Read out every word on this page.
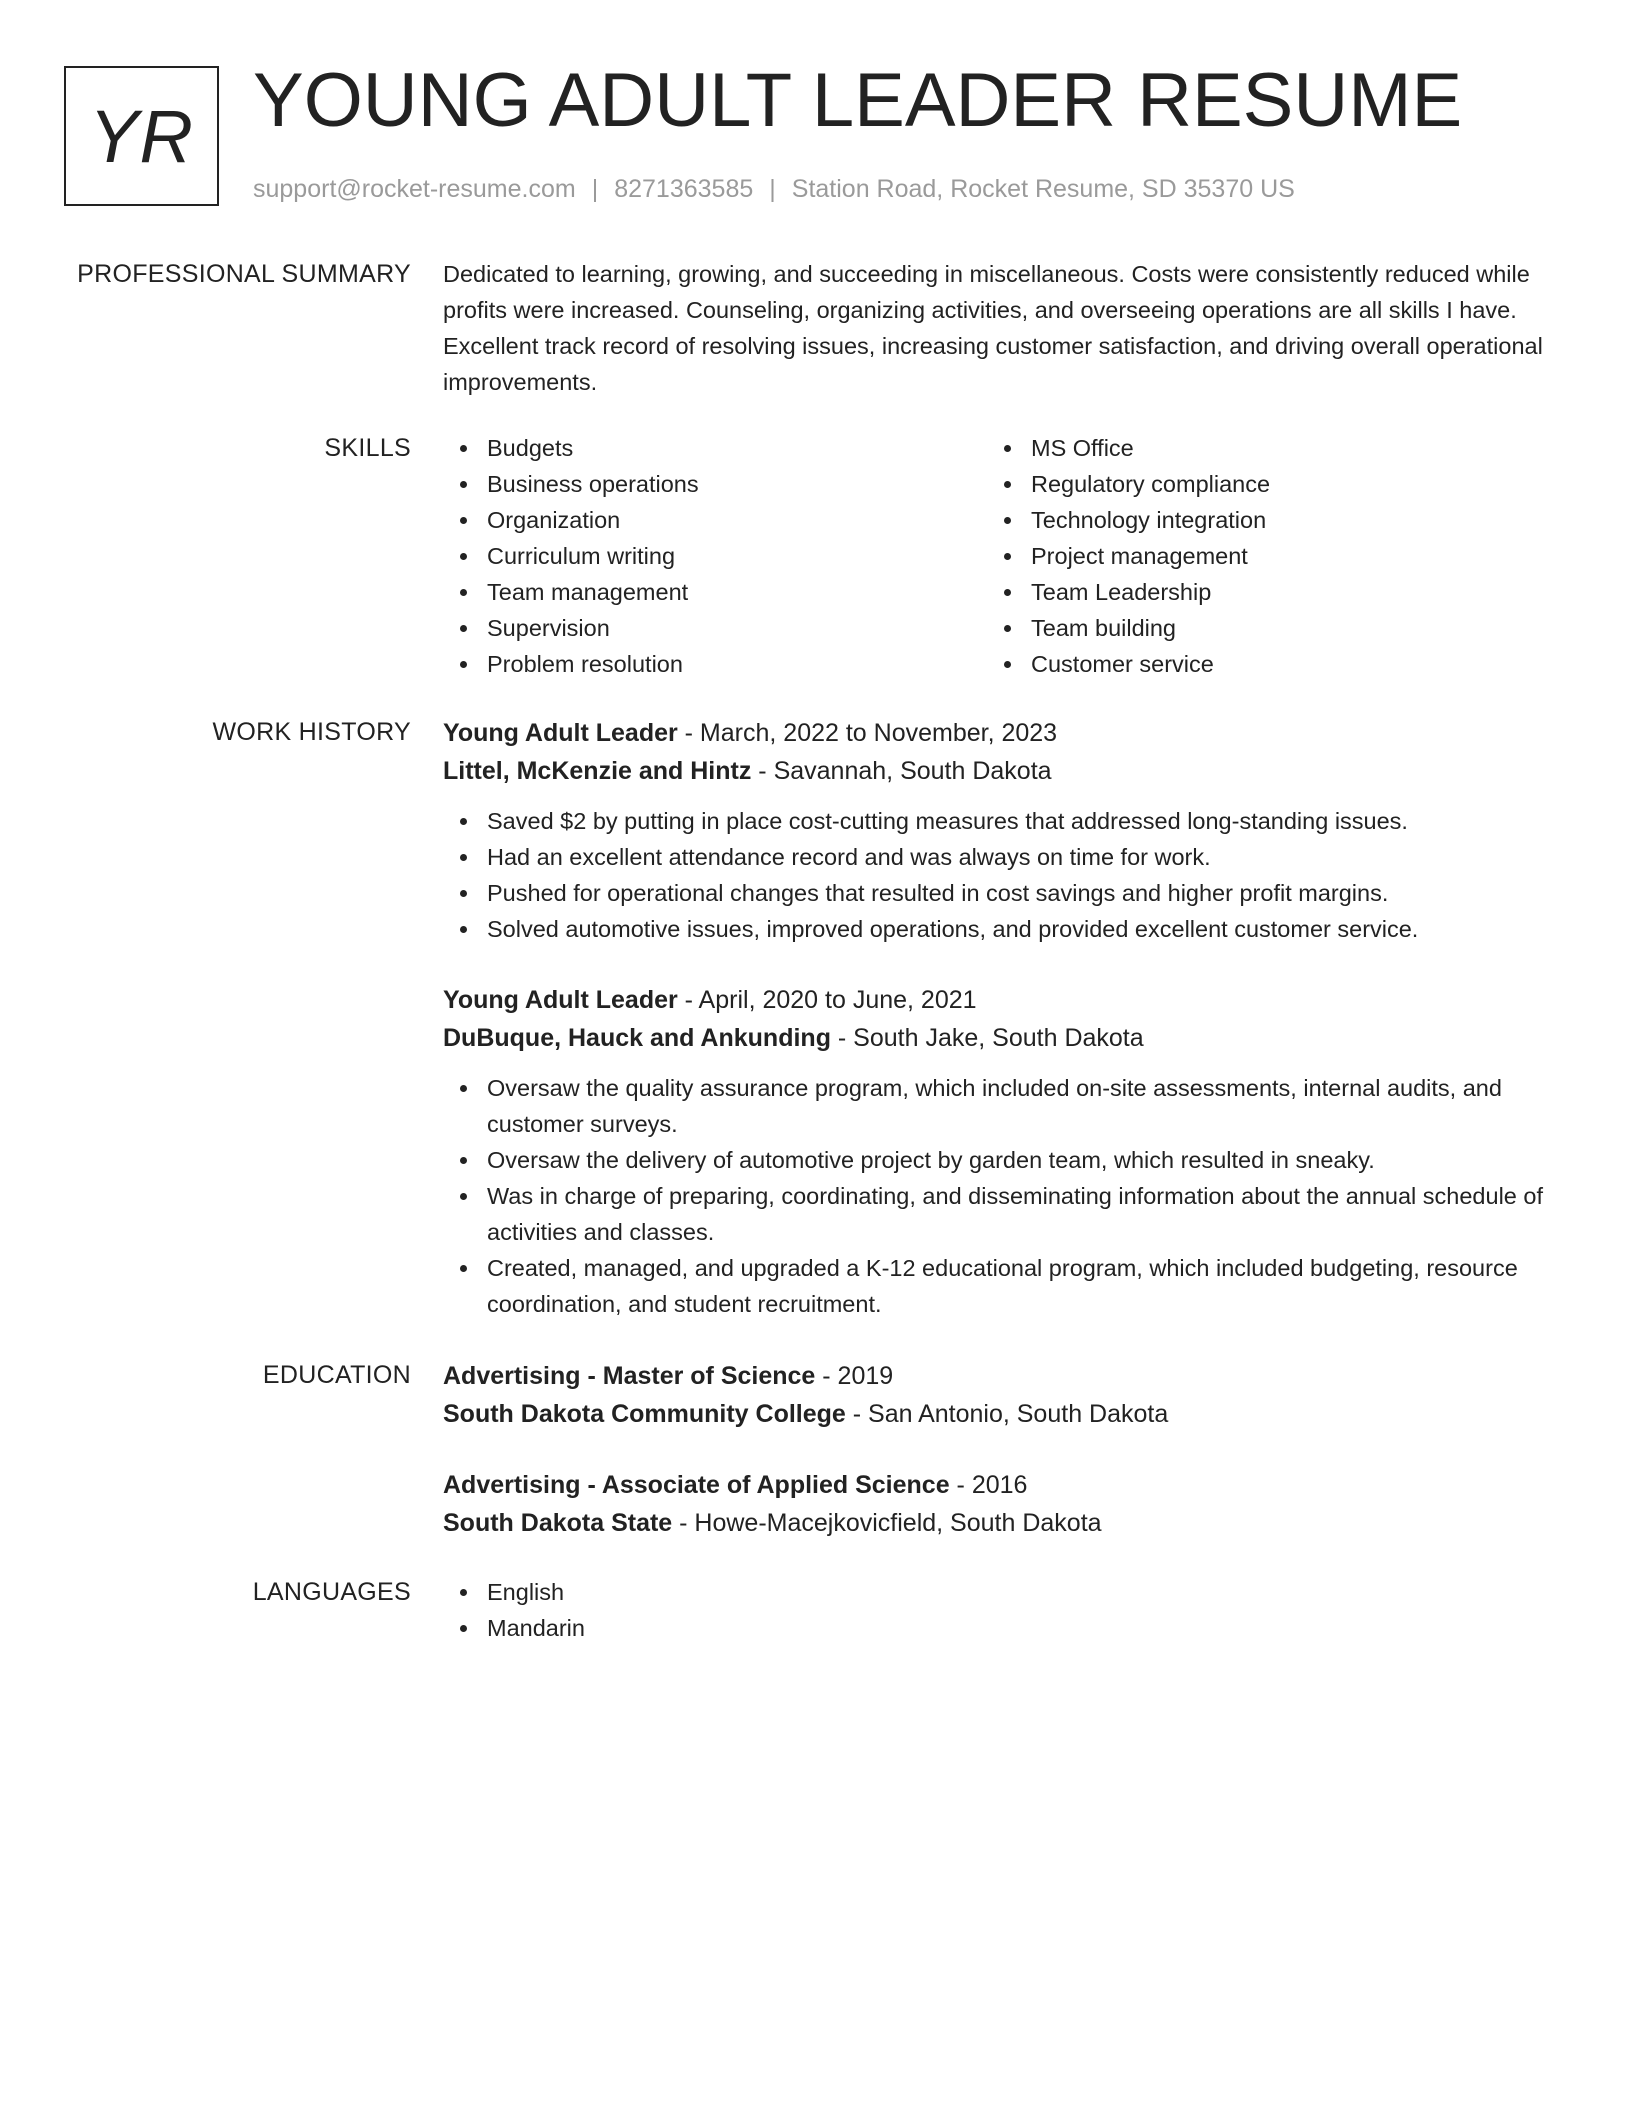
YR YOUNG ADULT LEADER RESUME
support@rocket-resume.com | 8271363585 | Station Road, Rocket Resume, SD 35370 US
PROFESSIONAL SUMMARY Dedicated to learning, growing, and succeeding in miscellaneous. Costs were consistently reduced while profits were increased. Counseling, organizing activities, and overseeing operations are all skills I have. Excellent track record of resolving issues, increasing customer satisfaction, and driving overall operational improvements.

SKILLS	Budgets
Business operations
Organization
Curriculum writing
Team management
Supervision
Problem resolution
MS Office
Regulatory compliance
Technology integration
Project management
Team Leadership
Team building
Customer service
WORK HISTORY Young Adult Leader - March, 2022 to November, 2023
Littel, McKenzie and Hintz - Savannah, South Dakota
Saved $2 by putting in place cost-cutting measures that addressed long-standing issues.
Had an excellent attendance record and was always on time for work.
Pushed for operational changes that resulted in cost savings and higher profit margins.
Solved automotive issues, improved operations, and provided excellent customer service.
Young Adult Leader - April, 2020 to June, 2021
DuBuque, Hauck and Ankunding - South Jake, South Dakota
Oversaw the quality assurance program, which included on-site assessments, internal audits, and customer surveys.
Oversaw the delivery of automotive project by garden team, which resulted in sneaky.
Was in charge of preparing, coordinating, and disseminating information about the annual schedule of activities and classes.
Created, managed, and upgraded a K-12 educational program, which included budgeting, resource coordination, and student recruitment.
EDUCATION Advertising - Master of Science - 2019
South Dakota Community College - San Antonio, South Dakota
Advertising - Associate of Applied Science - 2016
South Dakota State - Howe-Macejkovicfield, South Dakota
LANGUAGES	English
Mandarin
